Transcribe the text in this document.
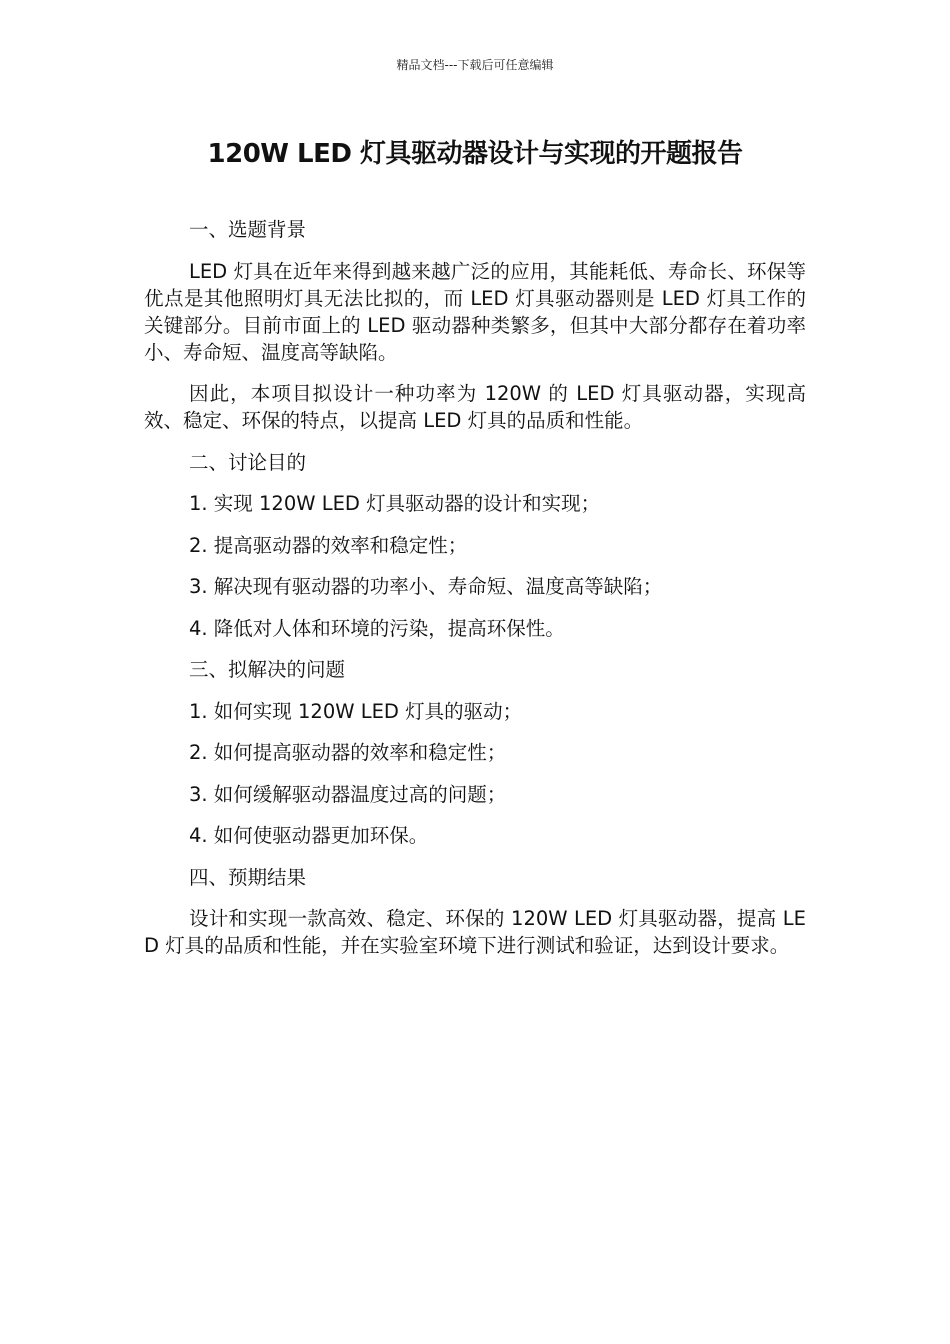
精品文档---下载后可任意编辑
120W LED 灯具驱动器设计与实现的开题报告

一、选题背景

LED 灯具在近年来得到越来越广泛的应用，其能耗低、寿命长、环保等优点是其他照明灯具无法比拟的，而 LED 灯具驱动器则是 LED 灯具工作的关键部分。目前市面上的 LED 驱动器种类繁多，但其中大部分都存在着功率小、寿命短、温度高等缺陷。

因此，本项目拟设计一种功率为 120W 的 LED 灯具驱动器，实现高效、稳定、环保的特点，以提高 LED 灯具的品质和性能。

二、讨论目的

1. 实现 120W LED 灯具驱动器的设计和实现；

2. 提高驱动器的效率和稳定性；

3. 解决现有驱动器的功率小、寿命短、温度高等缺陷；

4. 降低对人体和环境的污染，提高环保性。

三、拟解决的问题

1. 如何实现 120W LED 灯具的驱动；

2. 如何提高驱动器的效率和稳定性；

3. 如何缓解驱动器温度过高的问题；

4. 如何使驱动器更加环保。

四、预期结果

设计和实现一款高效、稳定、环保的 120W LED 灯具驱动器，提高 LED 灯具的品质和性能，并在实验室环境下进行测试和验证，达到设计要求。
